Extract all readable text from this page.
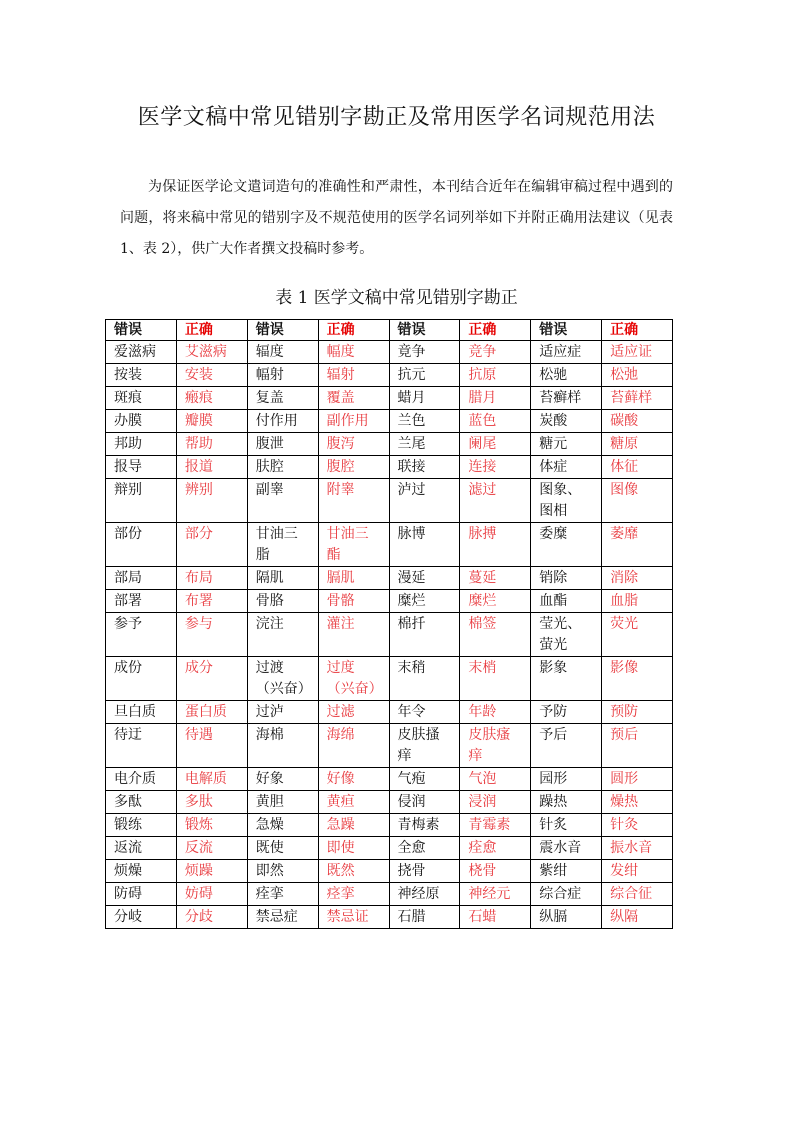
医学文稿中常见错别字勘正及常用医学名词规范用法
为保证医学论文遣词造句的准确性和严肃性，本刊结合近年在编辑审稿过程中遇到的问题，将来稿中常见的错别字及不规范使用的医学名词列举如下并附正确用法建议（见表 1、表 2），供广大作者撰文投稿时参考。
表 1 医学文稿中常见错别字勘正
错误	正确	错误	正确	错误	正确	错误	正确
爱滋病	艾滋病	辐度	幅度	竟争	竞争	适应症	适应证
按装	安装	幅射	辐射	抗元	抗原	松驰	松弛
斑痕	瘢痕	复盖	覆盖	蜡月	腊月	苔癣样	苔藓样
办膜	瓣膜	付作用	副作用	兰色	蓝色	炭酸	碳酸
邦助	帮助	腹泄	腹泻	兰尾	阑尾	糖元	糖原
报导	报道	肤腔	腹腔	联接	连接	体症	体征
辩别	辨别	副睾	附睾	泸过	滤过	图象、图相	图像
部份	部分	甘油三脂	甘油三酯	脉博	脉搏	委糜	萎靡
部局	布局	隔肌	膈肌	漫延	蔓延	销除	消除
部署	布署	骨胳	骨骼	糜烂	糜烂	血酯	血脂
参予	参与	浣注	灌注	棉扦	棉签	莹光、萤光	荧光
成份	成分	过渡（兴奋）	过度（兴奋）	末稍	末梢	影象	影像
旦白质	蛋白质	过泸	过滤	年令	年龄	予防	预防
待迂	待遇	海棉	海绵	皮肤搔痒	皮肤瘙痒	予后	预后
电介质	电解质	好象	好像	气疱	气泡	园形	圆形
多酞	多肽	黄胆	黄疸	侵润	浸润	躁热	燥热
锻练	锻炼	急燥	急躁	青梅素	青霉素	针炙	针灸
返流	反流	既使	即使	全愈	痊愈	震水音	振水音
烦燥	烦躁	即然	既然	挠骨	桡骨	紫绀	发绀
防碍	妨碍	痊挛	痉挛	神经原	神经元	综合症	综合征
分岐	分歧	禁忌症	禁忌证	石腊	石蜡	纵膈	纵隔
